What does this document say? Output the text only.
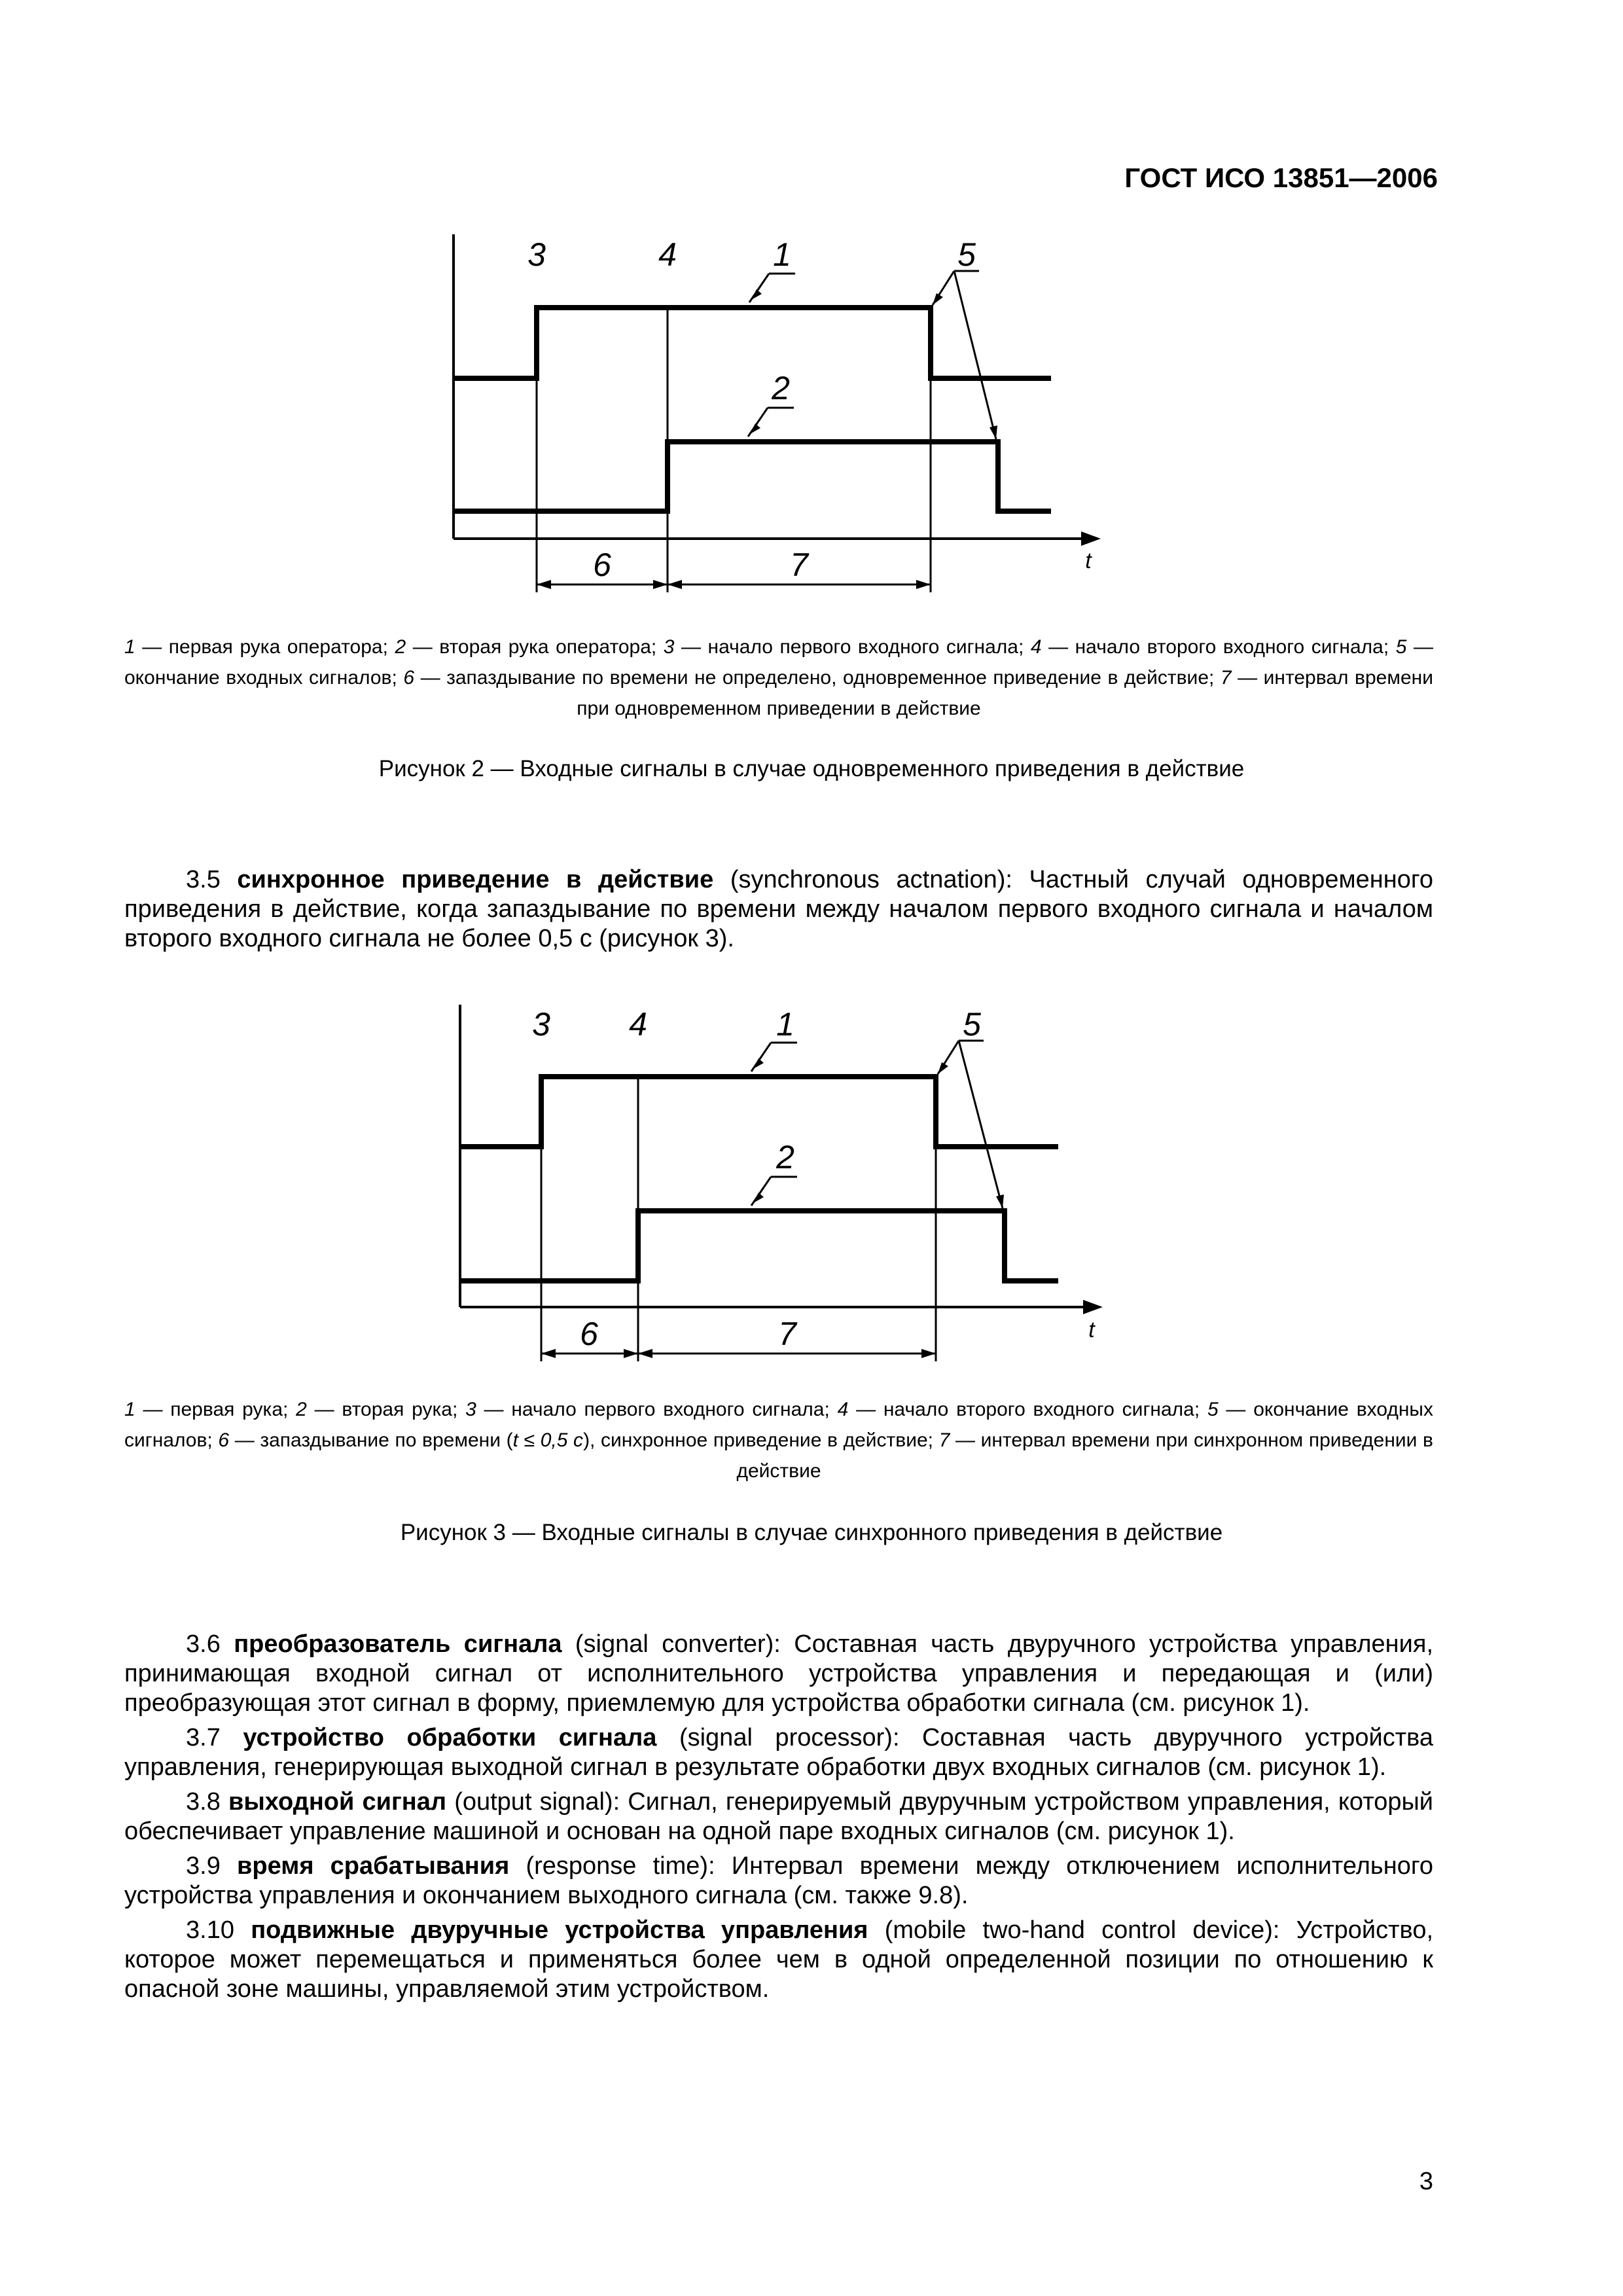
ГОСТ ИСО 13851—2006
3	4	1	5
2
6	7	t
1 — первая рука оператора; 2 — вторая рука оператора; 3 — начало первого входного сигнала; 4 — начало второго входного сигнала; 5 — окончание входных сигналов; 6 — запаздывание по времени не определено, одновременное приведение в действие; 7 — интервал времени при одновременном приведении в действие
Рисунок 2 — Входные сигналы в случае одновременного приведения в действие
3.5 синхронное приведение в действие (synchronous actnation): Частный случай одновременного приведения в действие, когда запаздывание по времени между началом первого входного сигнала и началом второго входного сигнала не более 0,5 с (рисунок 3).
3 4	1	5
2
6	7	t
1 — первая рука; 2 — вторая рука; 3 — начало первого входного сигнала; 4 — начало второго входного сигнала; 5 — окончание входных сигналов; 6 — запаздывание по времени (t ≤ 0,5 с), синхронное приведение в действие; 7 — интервал времени при синхронном приведении в действие
Рисунок 3 — Входные сигналы в случае синхронного приведения в действие
3.6 преобразователь сигнала (signal converter): Составная часть двуручного устройства управления, принимающая входной сигнал от исполнительного устройства управления и передающая и (или) преобразующая этот сигнал в форму, приемлемую для устройства обработки сигнала (см. рисунок 1).
3.7 устройство обработки сигнала (signal processor): Составная часть двуручного устройства управления, генерирующая выходной сигнал в результате обработки двух входных сигналов (см. рисунок 1).
3.8 выходной сигнал (output signal): Сигнал, генерируемый двуручным устройством управления, который обеспечивает управление машиной и основан на одной паре входных сигналов (см. рисунок 1).
3.9 время срабатывания (response time): Интервал времени между отключением исполнительного устройства управления и окончанием выходного сигнала (см. также 9.8).
3.10 подвижные двуручные устройства управления (mobile two-hand control device): Устройство, которое может перемещаться и применяться более чем в одной определенной позиции по отношению к опасной зоне машины, управляемой этим устройством.
3
